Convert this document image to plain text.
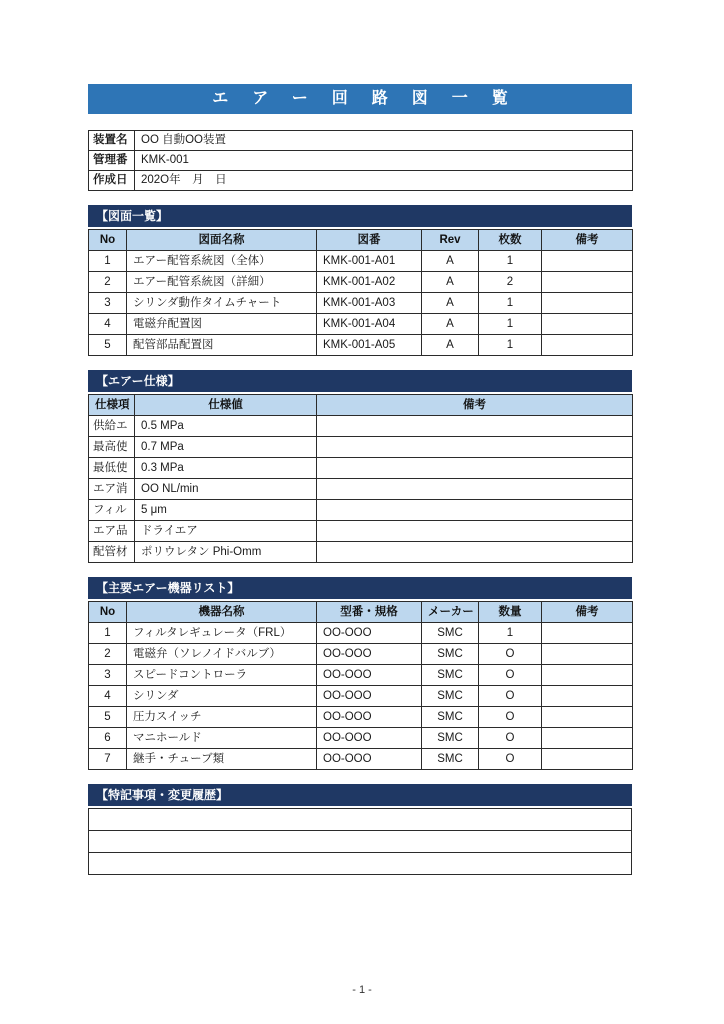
エアー回路図一覧
装置名	OO 自動OO装置
管理番	KMK-001
作成日	202O年　月　日
【図面一覧】
No	図面名称	図番	Rev	枚数	備考
1	エアー配管系統図（全体）	KMK-001-A01	A	1	
2	エアー配管系統図（詳細）	KMK-001-A02	A	2	
3	シリンダ動作タイムチャート	KMK-001-A03	A	1	
4	電磁弁配置図	KMK-001-A04	A	1	
5	配管部品配置図	KMK-001-A05	A	1	
【エアー仕様】
仕様項	仕様値	備考
供給エ	0.5 MPa	
最高使	0.7 MPa	
最低使	0.3 MPa	
エア消	OO NL/min	
フィル	5 μm	
エア品	ドライエア	
配管材	ポリウレタン Phi-Omm	
【主要エアー機器リスト】
No	機器名称	型番・規格	メーカー	数量	備考
1	フィルタレギュレータ（FRL）	OO-OOO	SMC	1	
2	電磁弁（ソレノイドバルブ）	OO-OOO	SMC	O	
3	スピードコントローラ	OO-OOO	SMC	O	
4	シリンダ	OO-OOO	SMC	O	
5	圧力スイッチ	OO-OOO	SMC	O	
6	マニホールド	OO-OOO	SMC	O	
7	継手・チューブ類	OO-OOO	SMC	O	
【特記事項・変更履歴】

- 1 -
